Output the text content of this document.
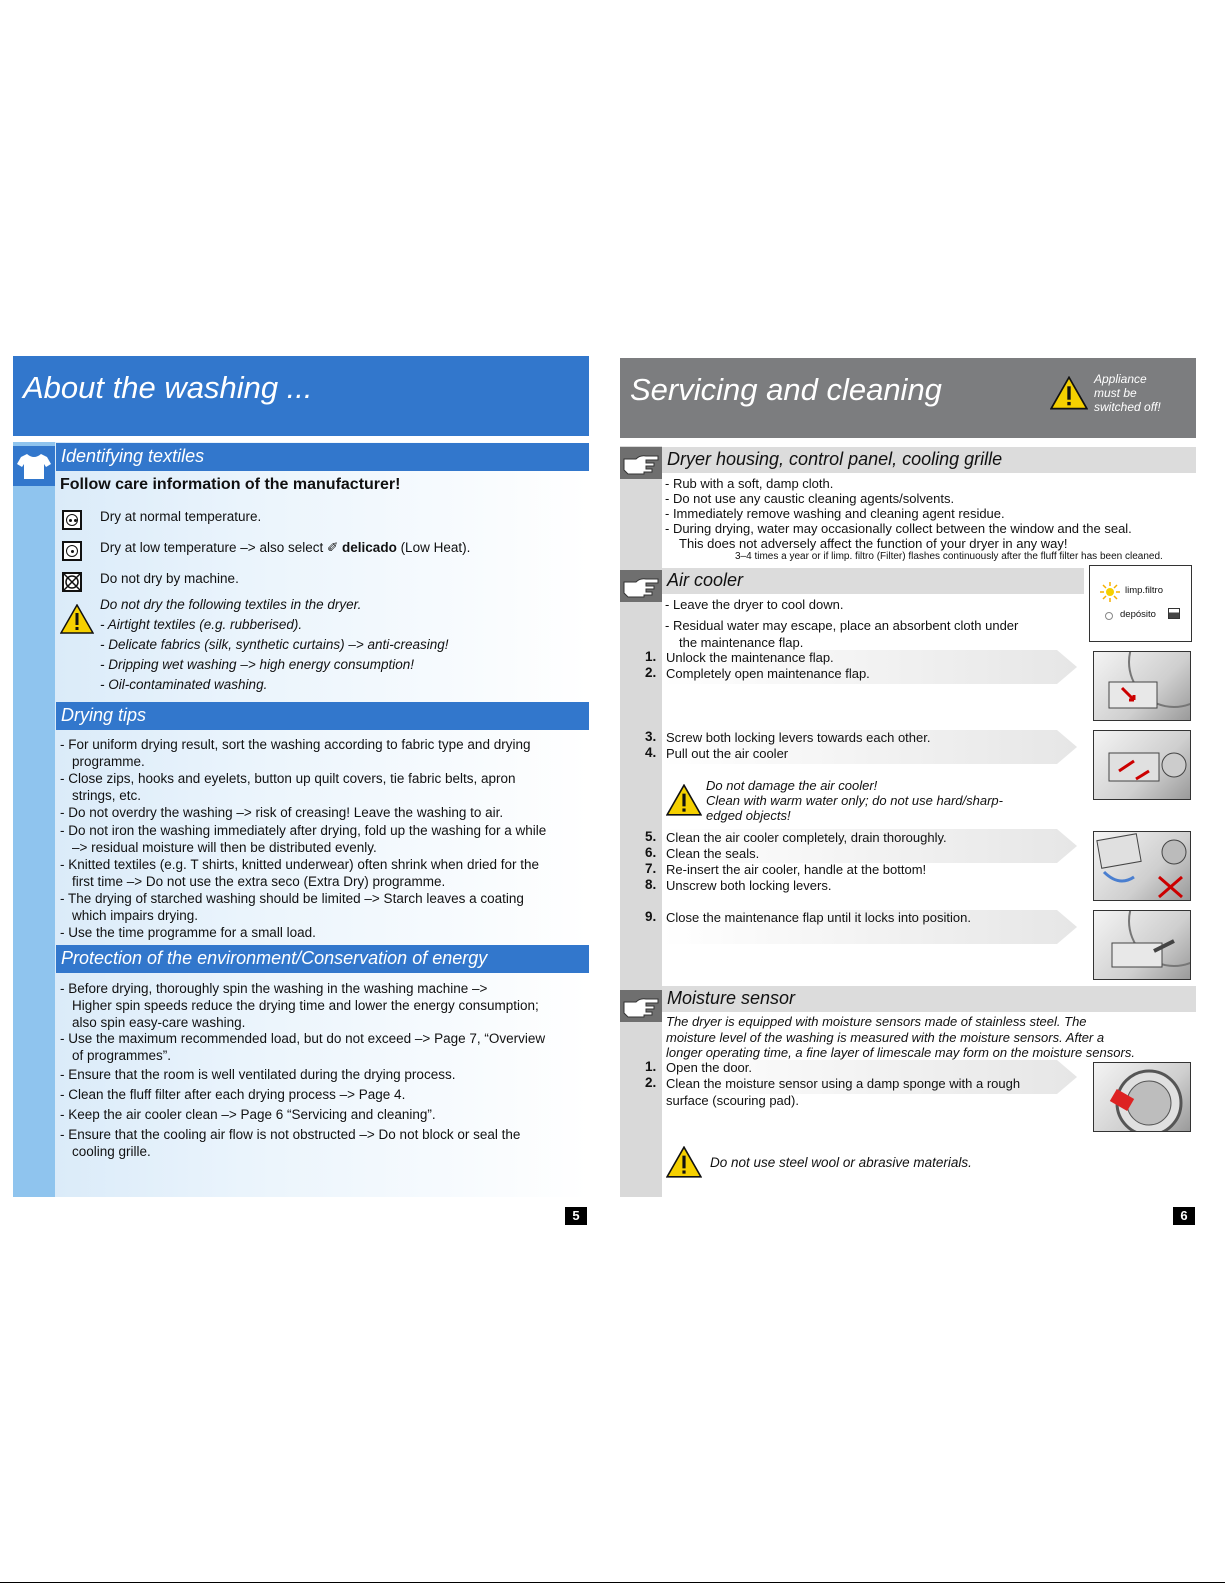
About the washing ...
Identifying textiles
Follow care information of the manufacturer!
Dry at normal temperature.
Dry at low temperature –> also select ✐ delicado (Low Heat).
Do not dry by machine.
Do not dry the following textiles in the dryer.
- Airtight textiles (e.g. rubberised).
- Delicate fabrics (silk, synthetic curtains) –> anti-creasing!
- Dripping wet washing –> high energy consumption!
- Oil-contaminated washing.
Drying tips
- For uniform drying result, sort the washing according to fabric type and drying
programme.
- Close zips, hooks and eyelets, button up quilt covers, tie fabric belts, apron
strings, etc.
- Do not overdry the washing –> risk of creasing! Leave the washing to air.
- Do not iron the washing immediately after drying, fold up the washing for a while
–> residual moisture will then be distributed evenly.
- Knitted textiles (e.g. T shirts, knitted underwear) often shrink when dried for the
first time –> Do not use the extra seco (Extra Dry) programme.
- The drying of starched washing should be limited –> Starch leaves a coating
which impairs drying.
- Use the time programme for a small load.
Protection of the environment/Conservation of energy
- Before drying, thoroughly spin the washing in the washing machine –>
Higher spin speeds reduce the drying time and lower the energy consumption;
also spin easy-care washing.
- Use the maximum recommended load, but do not exceed –> Page 7, “Overview
of programmes”.
- Ensure that the room is well ventilated during the drying process.
- Clean the fluff filter after each drying process –> Page 4.
- Keep the air cooler clean –> Page 6 “Servicing and cleaning”.
- Ensure that the cooling air flow is not obstructed –> Do not block or seal the
cooling grille.
5
Servicing and cleaning	Appliance
must be
switched off!
Dryer housing, control panel, cooling grille
- Rub with a soft, damp cloth.
- Do not use any caustic cleaning agents/solvents.
- Immediately remove washing and cleaning agent residue.
- During drying, water may occasionally collect between the window and the seal.
This does not adversely affect the function of your dryer in any way!
3–4 times a year or if limp. filtro (Filter) flashes continuously after the fluff filter has been cleaned.
Air cooler
limp.filtro
depósito
- Leave the dryer to cool down.
- Residual water may escape, place an absorbent cloth under
the maintenance flap.
1. Unlock the maintenance flap.
2. Completely open maintenance flap.
3. Screw both locking levers towards each other.
4. Pull out the air cooler
Do not damage the air cooler!
Clean with warm water only; do not use hard/sharp-
edged objects!
5. Clean the air cooler completely, drain thoroughly.
6. Clean the seals.
7. Re-insert the air cooler, handle at the bottom!
8. Unscrew both locking levers.
9. Close the maintenance flap until it locks into position.
Moisture sensor
The dryer is equipped with moisture sensors made of stainless steel. The
moisture level of the washing is measured with the moisture sensors. After a
longer operating time, a fine layer of limescale may form on the moisture sensors.
1. Open the door.
2. Clean the moisture sensor using a damp sponge with a rough
surface (scouring pad).
Do not use steel wool or abrasive materials.
6
